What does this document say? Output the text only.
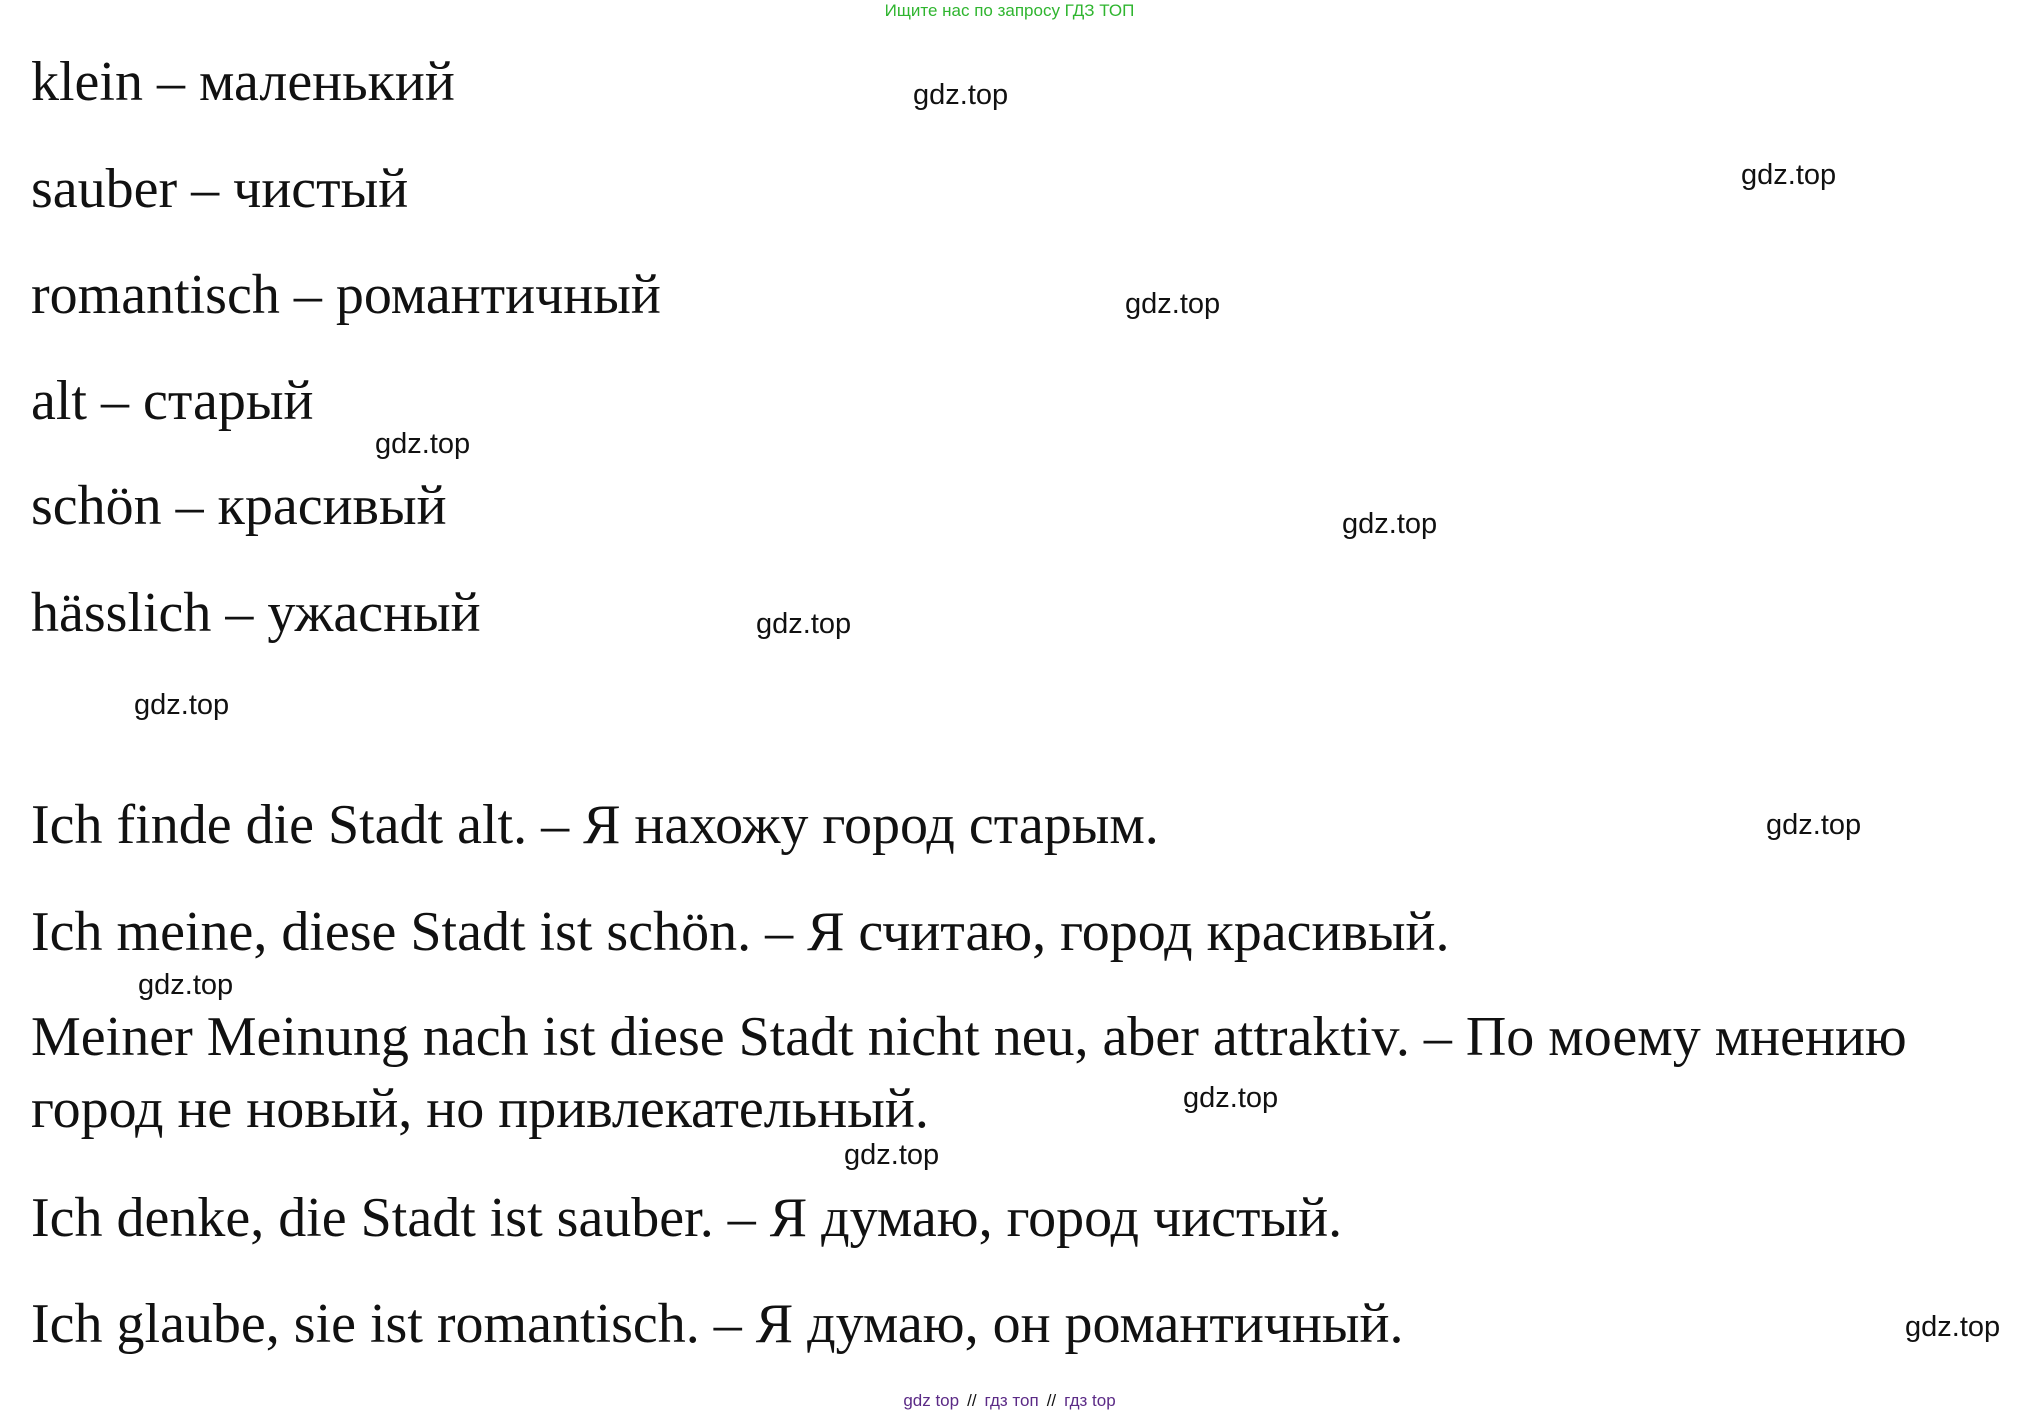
Ищите нас по запросу ГДЗ ТОП
klein – маленький
sauber – чистый
romantisch – романтичный
alt – старый
schön – красивый
hässlich – ужасный
Ich finde die Stadt alt. – Я нахожу город старым.
Ich meine, diese Stadt ist schön. – Я считаю, город красивый.
Meiner Meinung nach ist diese Stadt nicht neu, aber attraktiv. – По моему мнению город не новый, но привлекательный.
Ich denke, die Stadt ist sauber. – Я думаю, город чистый.
Ich glaube, sie ist romantisch. – Я думаю, он романтичный.
gdz.top
gdz.top
gdz.top
gdz.top
gdz.top
gdz.top
gdz.top
gdz.top
gdz.top
gdz.top
gdz.top
gdz.top
gdz top // гдз топ // гдз top
